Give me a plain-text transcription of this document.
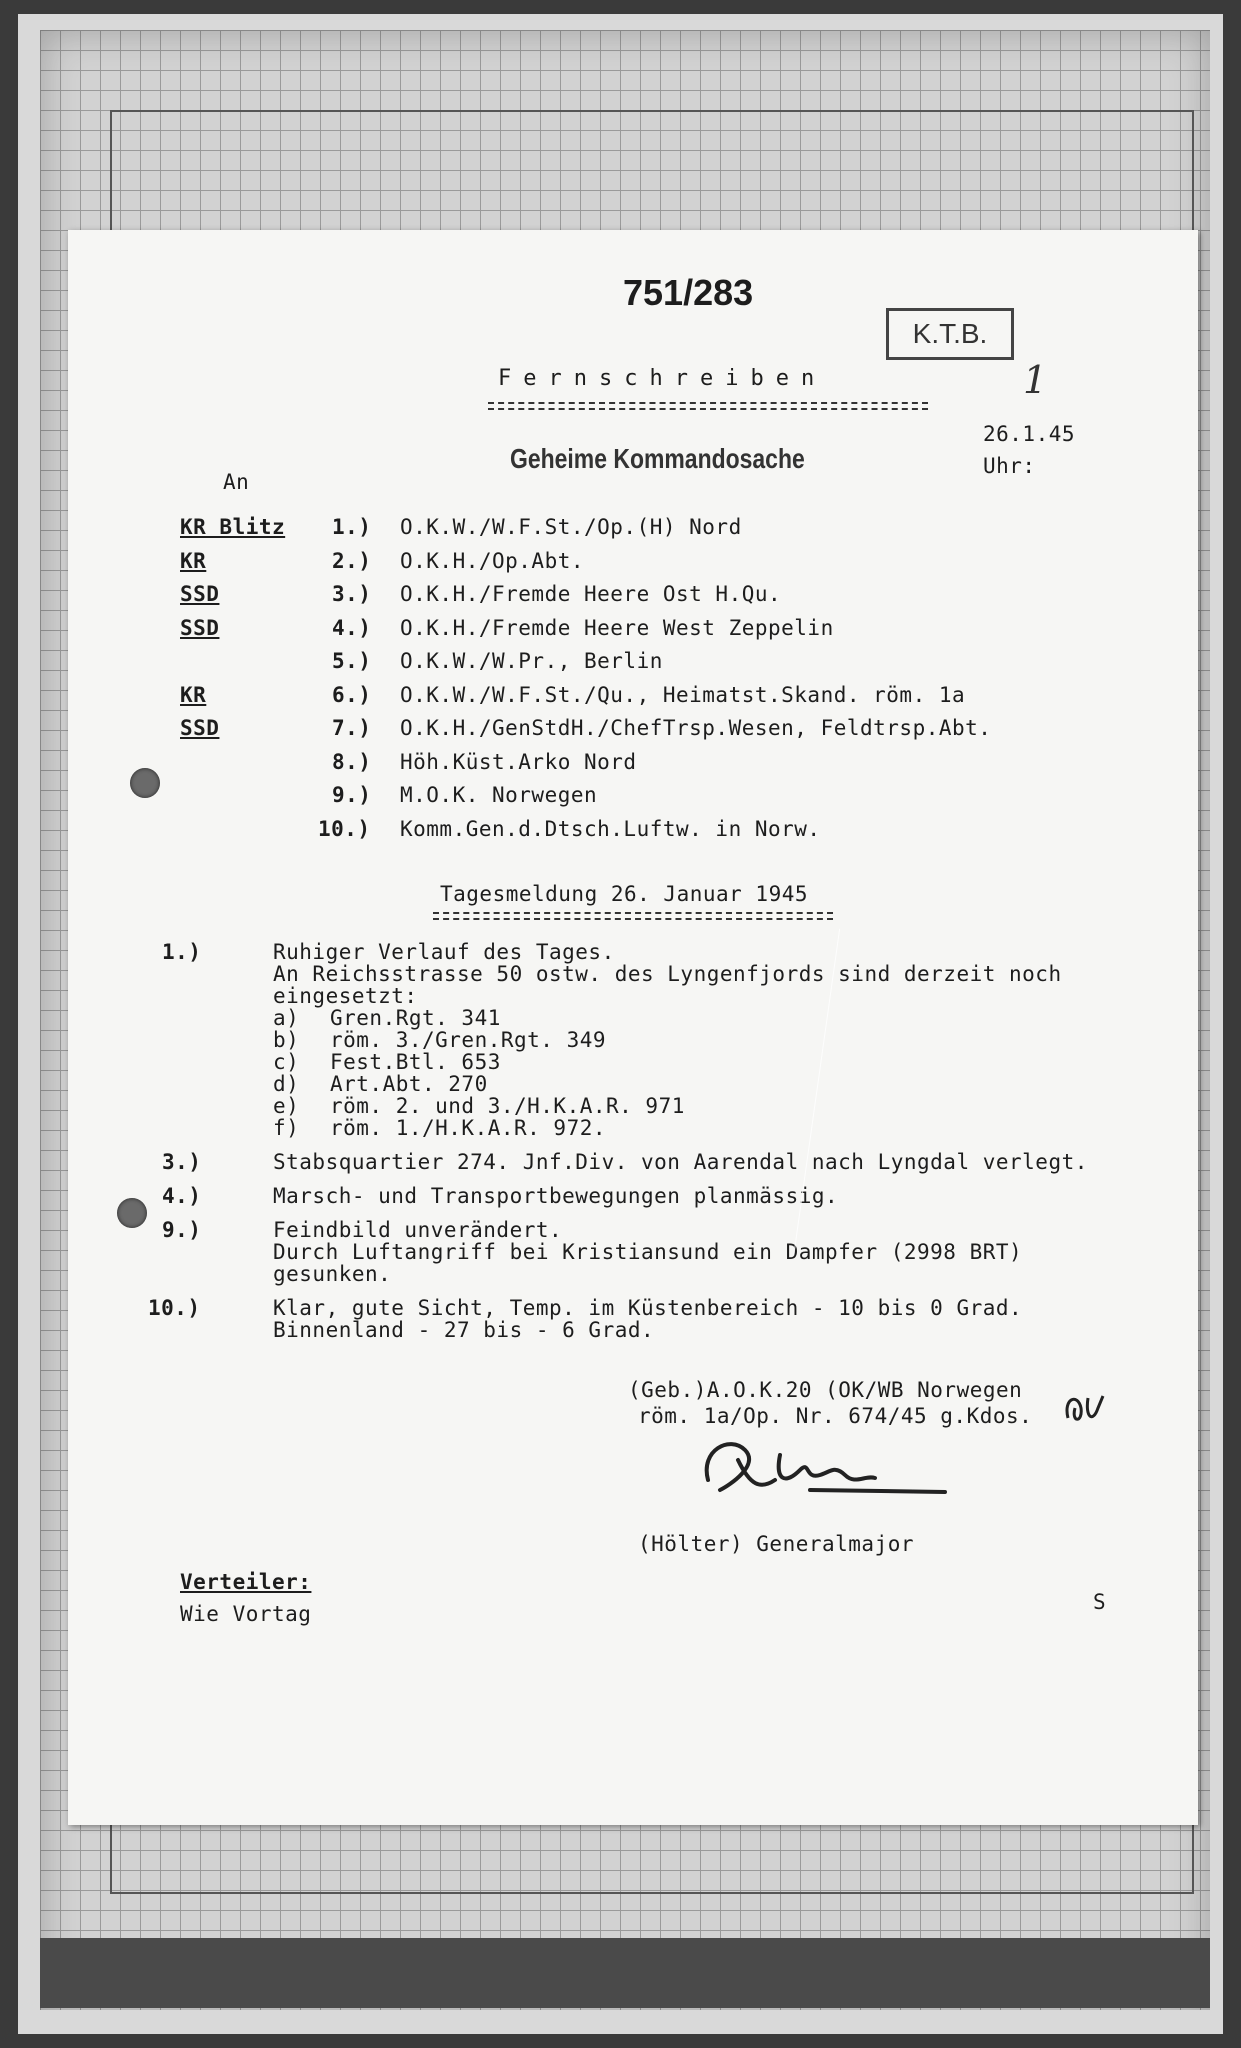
751/283
K.T.B.
1
Fernschreiben
26.1.45
Uhr:
Geheime Kommandosache
An
KR Blitz 1.) O.K.W./W.F.St./Op.(H) Nord
KR	2.) O.K.H./Op.Abt.
SSD	3.) O.K.H./Fremde Heere Ost H.Qu.
SSD	4.) O.K.H./Fremde Heere West Zeppelin
5.) O.K.W./W.Pr., Berlin
KR	6.) O.K.W./W.F.St./Qu., Heimatst.Skand. röm. 1a
SSD	7.) O.K.H./GenStdH./ChefTrsp.Wesen, Feldtrsp.Abt.
8.) Höh.Küst.Arko Nord
9.) M.O.K. Norwegen
10.) Komm.Gen.d.Dtsch.Luftw. in Norw.
Tagesmeldung 26. Januar 1945
1.)	Ruhiger Verlauf des Tages.
An Reichsstrasse 50 ostw. des Lyngenfjords sind derzeit noch
eingesetzt:
a) Gren.Rgt. 341
b) röm. 3./Gren.Rgt. 349
c) Fest.Btl. 653
d) Art.Abt. 270
e) röm. 2. und 3./H.K.A.R. 971
f) röm. 1./H.K.A.R. 972.
3.)	Stabsquartier 274. Jnf.Div. von Aarendal nach Lyngdal verlegt.
4.)	Marsch- und Transportbewegungen planmässig.
9.)	Feindbild unverändert.
Durch Luftangriff bei Kristiansund ein Dampfer (2998 BRT)
gesunken.
10.)	Klar, gute Sicht, Temp. im Küstenbereich - 10 bis 0 Grad.
Binnenland - 27 bis - 6 Grad.
(Geb.)A.O.K.20 (OK/WB Norwegen
röm. 1a/Op. Nr. 674/45 g.Kdos.
(Hölter) Generalmajor
Verteiler:
Wie Vortag	S
